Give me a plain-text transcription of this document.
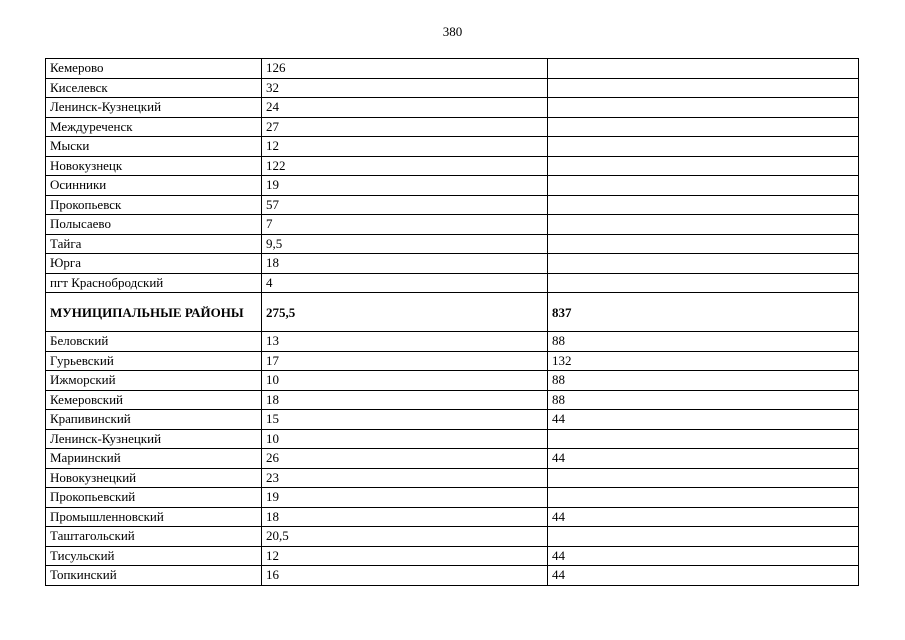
380
Кемерово	126	
Киселевск	32	
Ленинск-Кузнецкий	24	
Междуреченск	27	
Мыски	12	
Новокузнецк	122	
Осинники	19	
Прокопьевск	57	
Полысаево	7	
Тайга	9,5	
Юрга	18	
пгт Краснобродский	4	
МУНИЦИПАЛЬНЫЕ РАЙОНЫ	275,5	837
Беловский	13	88
Гурьевский	17	132
Ижморский	10	88
Кемеровский	18	88
Крапивинский	15	44
Ленинск-Кузнецкий	10	
Мариинский	26	44
Новокузнецкий	23	
Прокопьевский	19	
Промышленновский	18	44
Таштагольский	20,5	
Тисульский	12	44
Топкинский	16	44
